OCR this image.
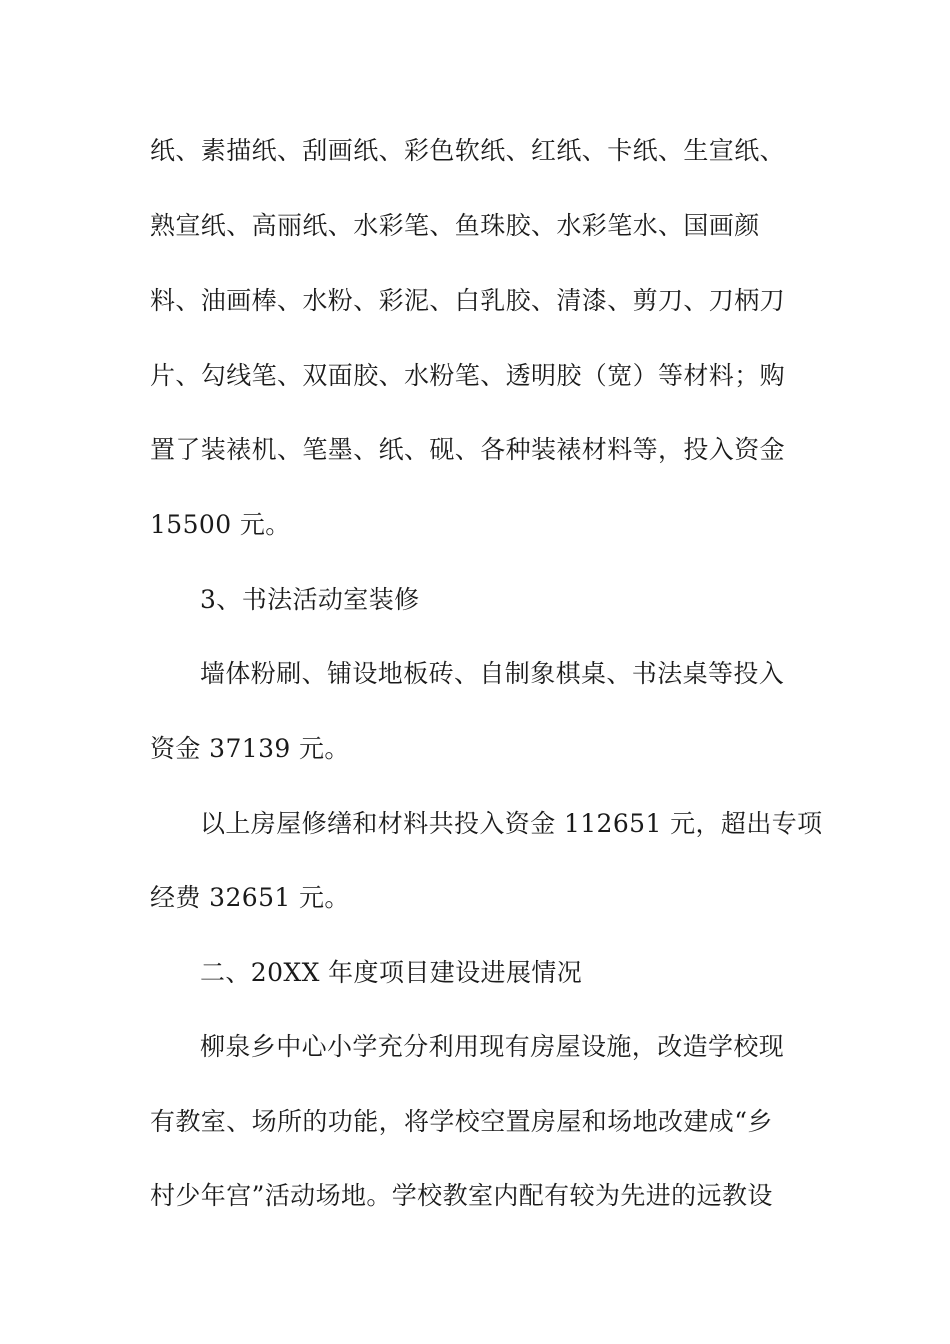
纸、素描纸、刮画纸、彩色软纸、红纸、卡纸、生宣纸、
熟宣纸、高丽纸、水彩笔、鱼珠胶、水彩笔水、国画颜
料、油画棒、水粉、彩泥、白乳胶、清漆、剪刀、刀柄刀
片、勾线笔、双面胶、水粉笔、透明胶（宽）等材料；购
置了装裱机、笔墨、纸、砚、各种装裱材料等，投入资金
15500 元。
3、书法活动室装修
墙体粉刷、铺设地板砖、自制象棋桌、书法桌等投入
资金 37139 元。
以上房屋修缮和材料共投入资金 112651 元，超出专项
经费 32651 元。
二、20XX 年度项目建设进展情况
柳泉乡中心小学充分利用现有房屋设施，改造学校现
有教室、场所的功能，将学校空置房屋和场地改建成“乡
村少年宫”活动场地。学校教室内配有较为先进的远教设
